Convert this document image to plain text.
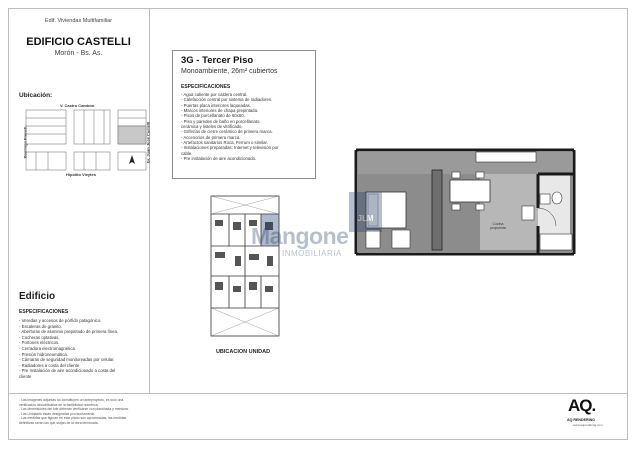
Edif. Viviendas Multifamiliar
EDIFICIO CASTELLI
Morón - Bs. As.
Ubicación:
V. Castro Cambón
Hipólito Vieytes
Domingo French	Gr. Juan José Castelli
Edificio
ESPECIFICACIONES
- Veredas y accesos de pórfido patagónico.
- Escaleras de granito.
- Aberturas de aluminio prepintado de primera línea.
- Cocheras optativas.
- Portones eléctricos.
- Cerradura electromagnética.
- Presión hidroneumática.
- Cámaras de seguridad monitoreadas por celular.
- Radiadores a costa del cliente
- Pre Instalación de aire acondicionado a costa del
cliente
3G - Tercer Piso
Monoambiente, 26m² cubiertos
ESPECIFICACIONES
- Agua caliente por caldera central.
- Calefacción central por sistema de radiadores.
- Puertas placa interiores laqueadas.
- Marcos interiores de chapa prepintada.
- Pisos de porcellanato de 60x60.
- Piso y paredes de baño en porcellanato,
cerámica y listeles de vitrificado.
- Griferías de cierre cerámico de primera marca.
- Accesorios de primera marca.
- Artefactos sanitarios Roca, Ferrum o similar.
- Instalaciones preparadas: Internet y televisión por
cable.
- Pre instalación de aire acondicionado.
UBICACION UNIDAD
Cocina
propuesta
JLM
Mangone
INMOBILIARIA
- Las imágenes adjuntas no constituyen un anteproyecto, es solo una
verificación decodificativa de la factibilidad numérica.
- Las dimensiones del lote deberán verificarse con planchada y mensura.
- Las Unidades están designadas provisoriamente.
- Las medidas que figuran en este plano son aproximadas, las medidas
definitivas serán las que surjan de la obra terminada.
AQ.
AQ RENDERING
www.aqrendering.com
